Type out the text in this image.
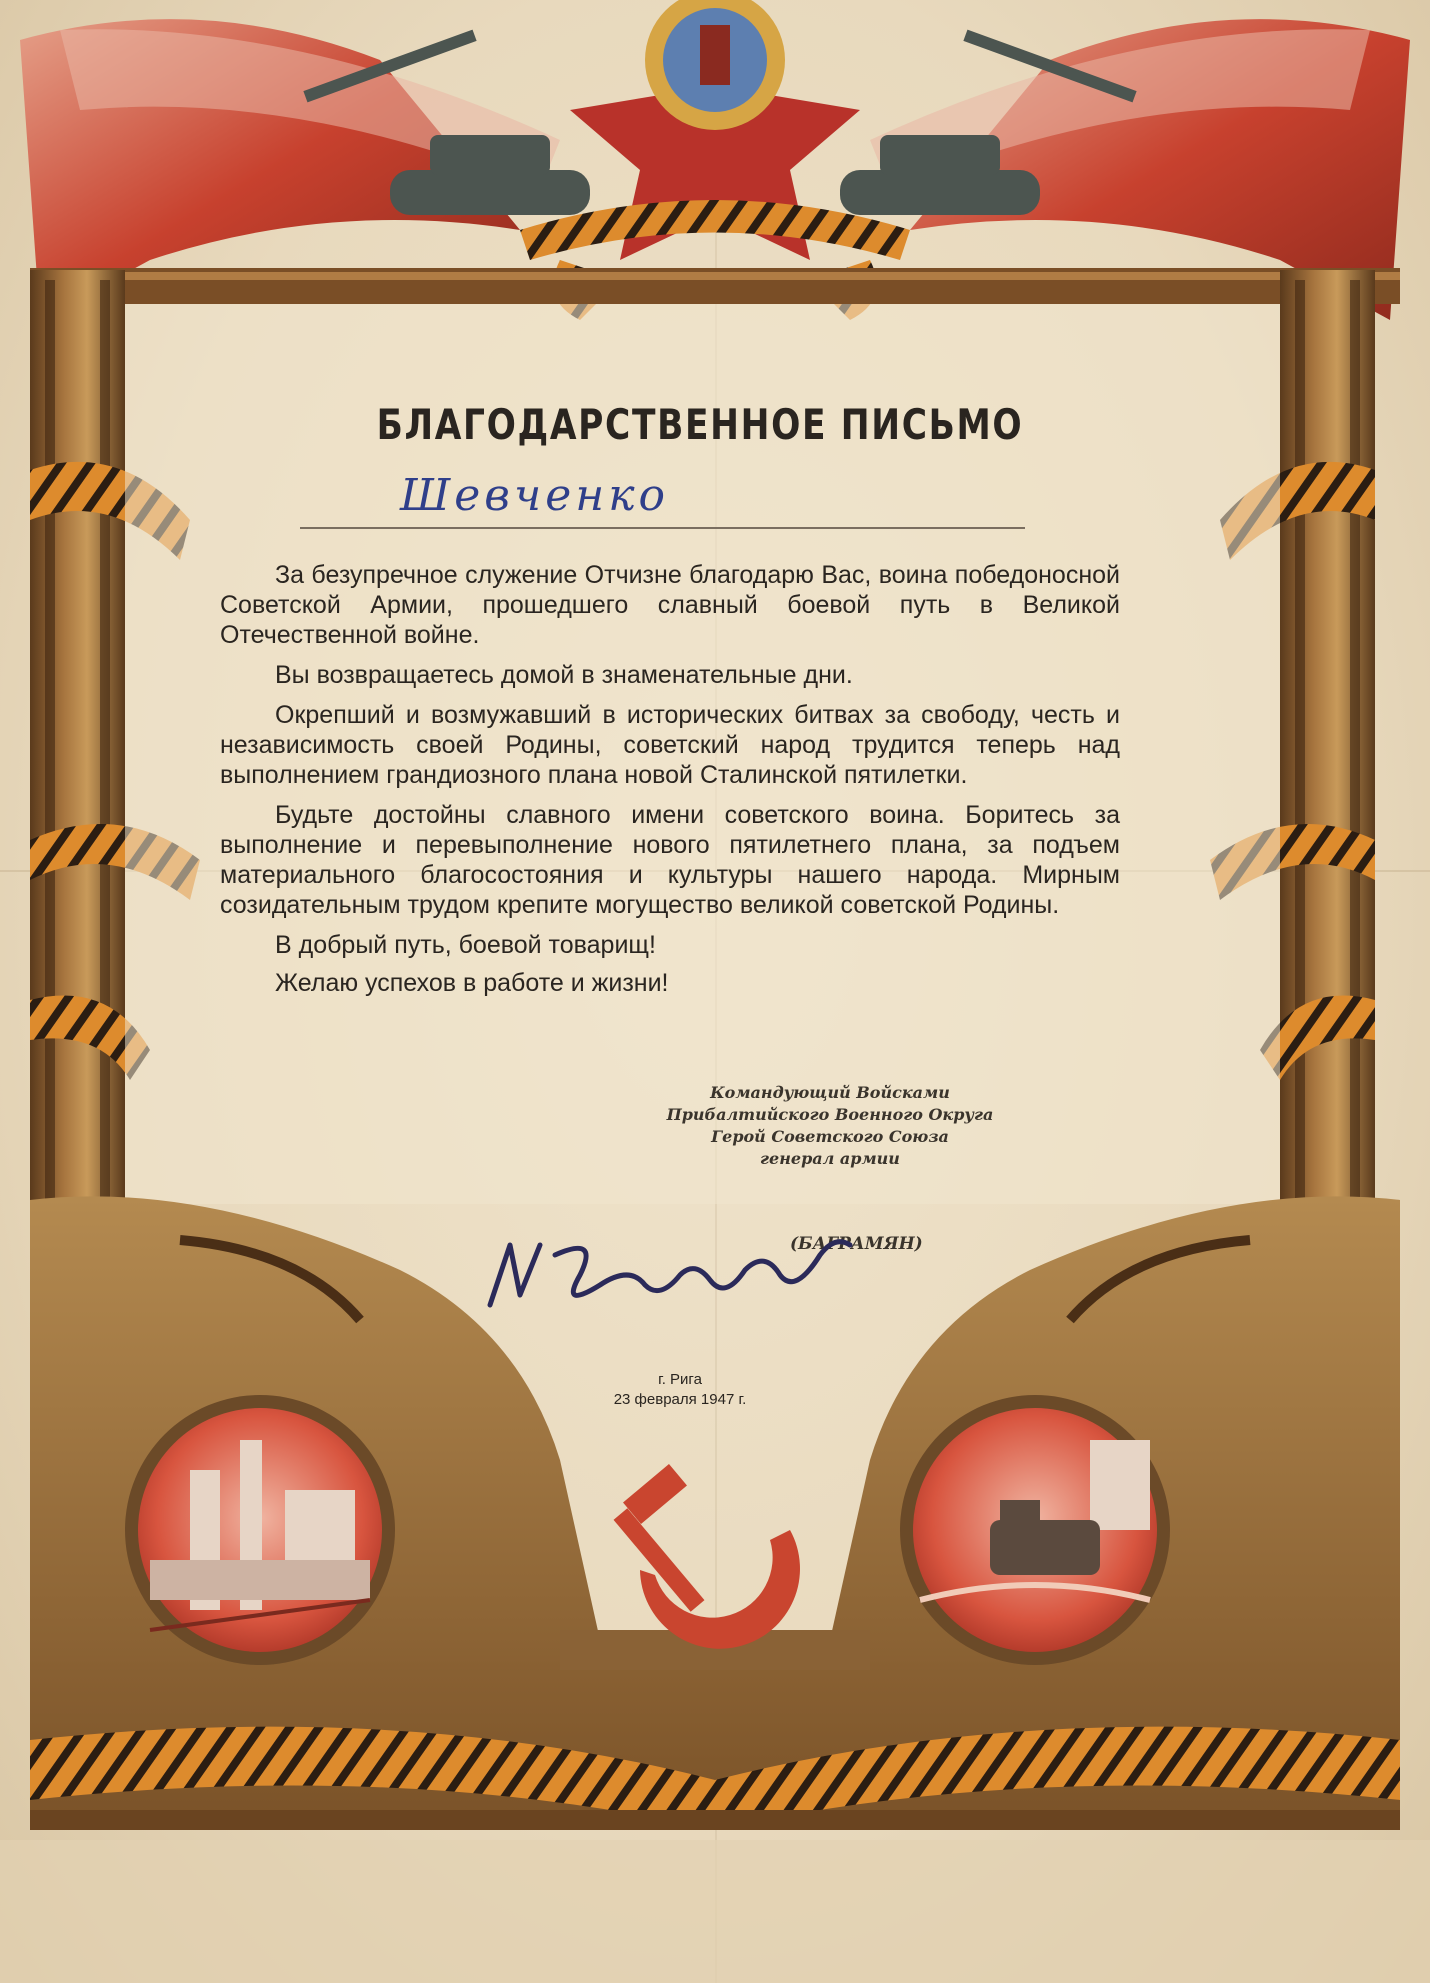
БЛАГОДАРСТВЕННОЕ ПИСЬМО
Шевченко

За безупречное служение Отчизне благодарю Вас, воина победоносной Советской Армии, прошедшего славный боевой путь в Великой Отечественной войне.

Вы возвращаетесь домой в знаменательные дни.

Окрепший и возмужавший в исторических битвах за свободу, честь и независимость своей Родины, советский народ трудится теперь над выполнением грандиозного плана новой Сталинской пятилетки.

Будьте достойны славного имени советского воина. Боритесь за выполнение и перевыполнение нового пятилетнего плана, за подъем материального благосостояния и культуры нашего народа. Мирным созидательным трудом крепите могущество великой советской Родины.

В добрый путь, боевой товарищ!

Желаю успехов в работе и жизни!

Командующий Войсками
Прибалтийского Военного Округа
Герой Советского Союза
генерал армии
(БАГРАМЯН)
г. Рига
23 февраля 1947 г.
